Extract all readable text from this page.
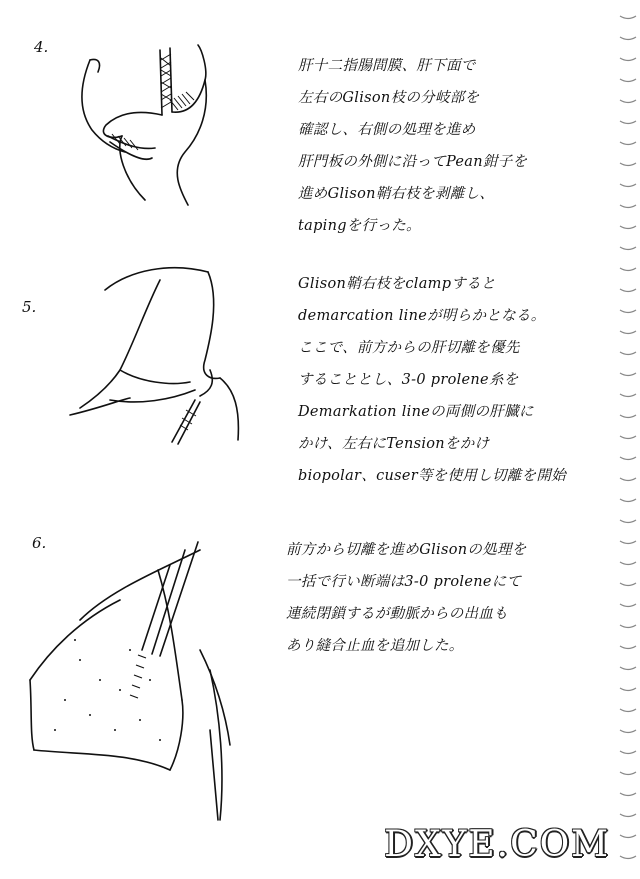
4.
肝十二指腸間膜、肝下面で
左右のGlison枝の分岐部を
確認し、右側の処理を進め
肝門板の外側に沿ってPean鉗子を
進めGlison鞘右枝を剥離し、
tapingを行った。
5.
Glison鞘右枝をclampすると
demarcation lineが明らかとなる。
ここで、前方からの肝切離を優先
することとし、3-0 prolene糸を
Demarkation lineの両側の肝臓に
かけ、左右にTensionをかけ
biopolar、cuser等を使用し切離を開始
6.	前方から切離を進めGlisonの処理を
一括で行い断端は3-0 proleneにて
連続閉鎖するが動脈からの出血も
あり縫合止血を追加した。
DXYE.COM
